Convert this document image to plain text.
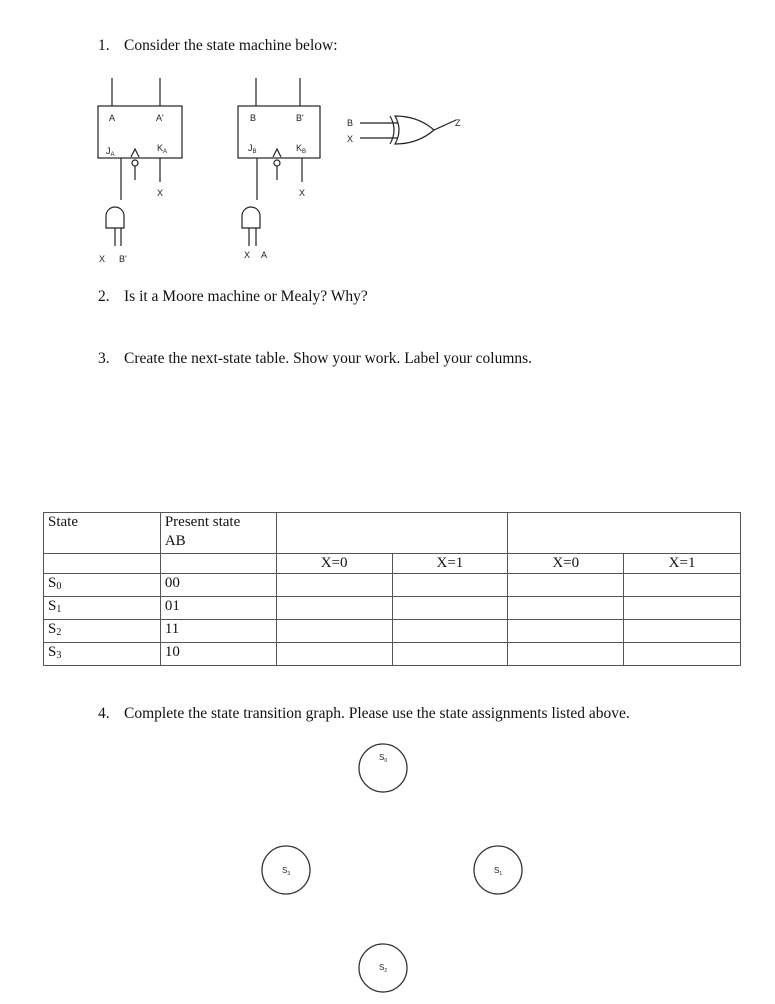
1. Consider the state machine below:
A	A'
$J_A$
$K_A$
X
X B'
B	B'
$J_B$	$K_B$
X
X A
B
X
Z
2. Is it a Moore machine or Mealy? Why?
3. Create the next-state table. Show your work. Label your columns.
State	Present state
AB				
		X=0	X=1	X=0	X=1
$S_0$	00				
$S_1$	01				
$S_2$	11				
$S_3$	10				
4. Complete the state transition graph. Please use the state assignments listed above.
$S_0$
$S_3$	$S_1$
$S_2$
